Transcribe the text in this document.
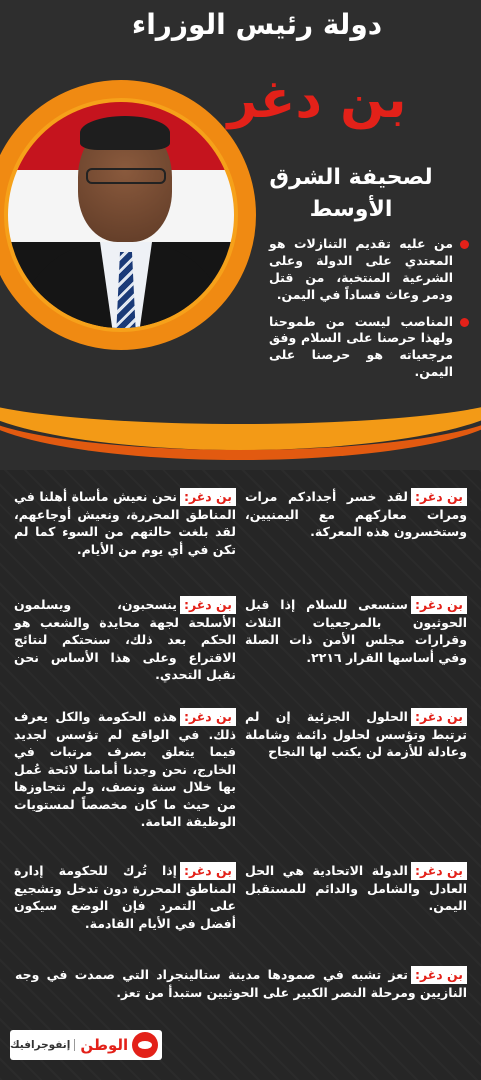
دولة رئيس الوزراء
بن دغر
لصحيفة الشرق
الأوسط
من عليه تقديم التنازلات هو المعتدي على الدولة وعلى الشرعية المنتخبة، من قتل ودمر وعاث فساداً في اليمن.
المناصب ليست من طموحنا ولهذا حرصنا على السلام وفق مرجعياته هو حرصنا على اليمن.
بن دغر:نحن نعيش مأساة أهلنا في المناطق المحررة، ونعيش أوجاعهم، لقد بلغت حالتهم من السوء كما لم تكن في أي يوم من الأيام.
بن دغر:لقد خسر أجدادكم مرات ومرات معاركهم مع اليمنيين، وستخسرون هذه المعركة.
بن دغر:ينسحبون، ويسلمون الأسلحة لجهة محايدة والشعب هو الحكم بعد ذلك، سنحتكم لنتائج الاقتراع وعلى هذا الأساس نحن نقبل التحدي.
بن دغر:سنسعى للسلام إذا قبل الحوثيون بالمرجعيات الثلاث وقرارات مجلس الأمن ذات الصلة وفي أساسها القرار ٢٢١٦.
بن دغر:هذه الحكومة والكل يعرف ذلك. في الواقع لم تؤسس لجديد فيما يتعلق بصرف مرتبات في الخارج، نحن وجدنا أمامنا لائحة عُمل بها خلال سنة ونصف، ولم نتجاوزها من حيث ما كان مخصصاً لمستويات الوظيفة العامة.
بن دغر:الحلول الجزئية إن لم ترتبط وتؤسس لحلول دائمة وشاملة وعادلة للأزمة لن يكتب لها النجاح
بن دغر:إذا تُرك للحكومة إدارة المناطق المحررة دون تدخل وتشجيع على التمرد فإن الوضع سيكون أفضل في الأيام القادمة.
بن دغر:الدولة الاتحادية هي الحل العادل والشامل والدائم للمستقبل اليمن.
بن دغر:تعز تشبه في صمودها مدينة ستالينجراد التي صمدت في وجه النازيين ومرحلة النصر الكبير على الحوثيين ستبدأ من تعز.
الوطن
إنفوجرافيك
